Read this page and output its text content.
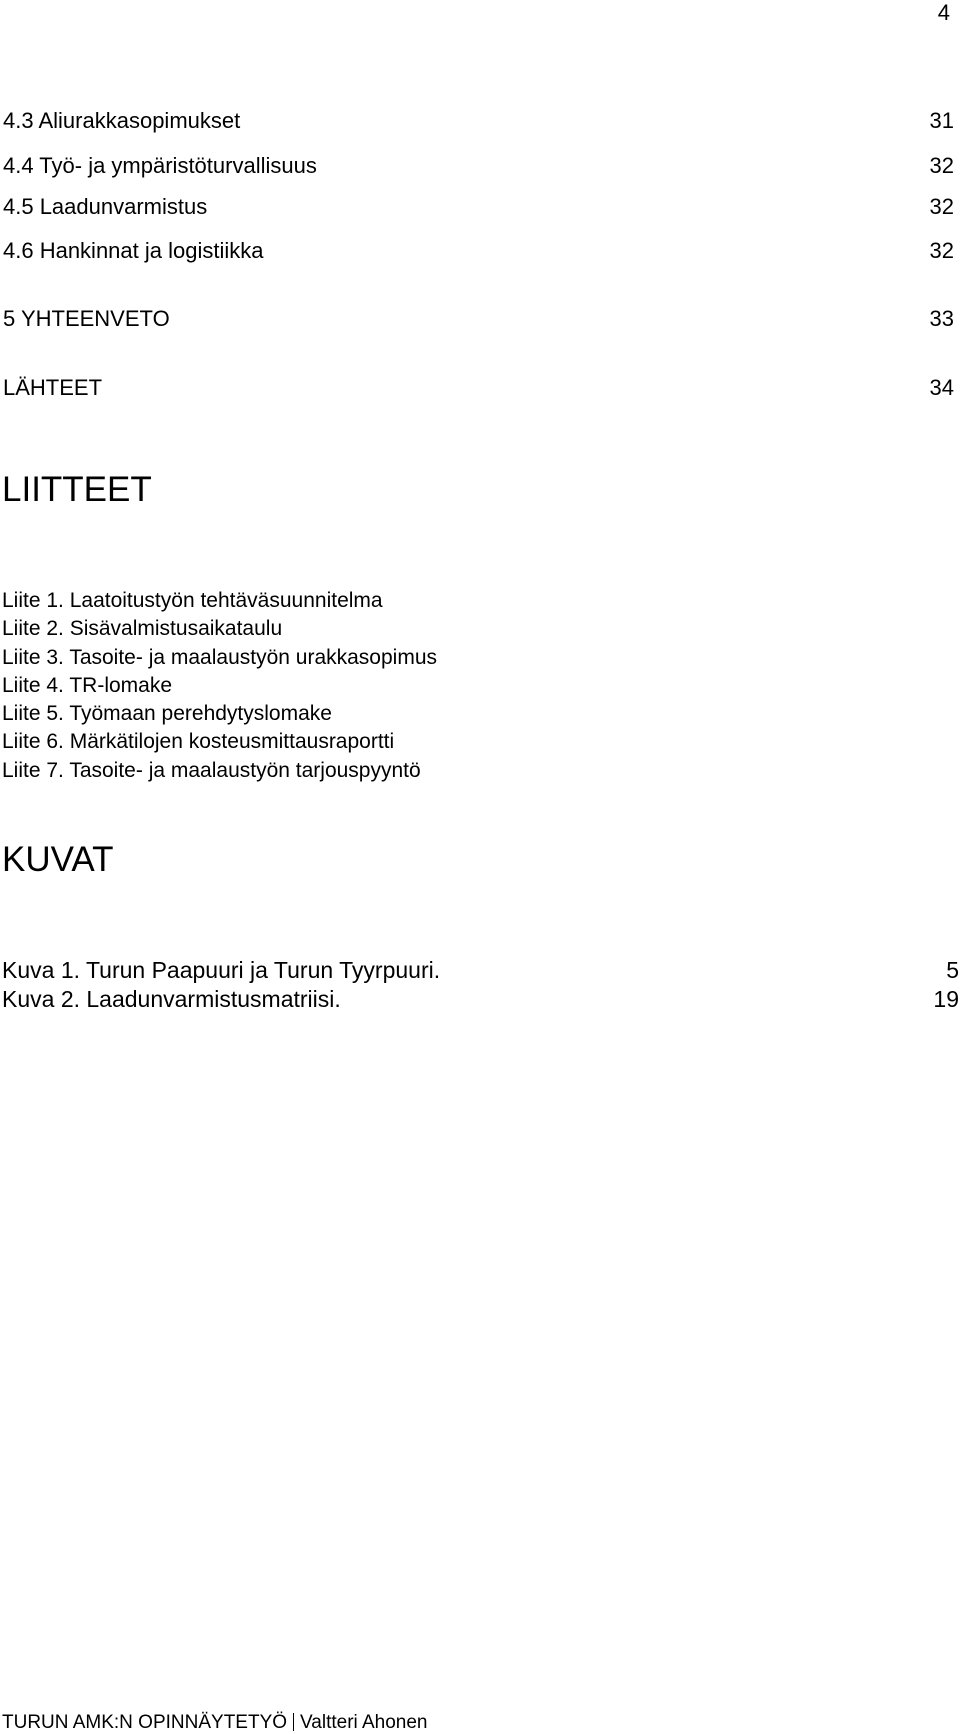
4
4.3 Aliurakkasopimukset	31
4.4 Työ- ja ympäristöturvallisuus	32
4.5 Laadunvarmistus	32
4.6 Hankinnat ja logistiikka	32
5 YHTEENVETO	33
LÄHTEET	34
LIITTEET
Liite 1. Laatoitustyön tehtäväsuunnitelma
Liite 2. Sisävalmistusaikataulu
Liite 3. Tasoite- ja maalaustyön urakkasopimus
Liite 4. TR-lomake
Liite 5. Työmaan perehdytyslomake
Liite 6. Märkätilojen kosteusmittausraportti
Liite 7. Tasoite- ja maalaustyön tarjouspyyntö
KUVAT
Kuva 1. Turun Paapuuri ja Turun Tyyrpuuri.	5
Kuva 2. Laadunvarmistusmatriisi.	19
TURUN AMK:N OPINNÄYTETYÖ Valtteri Ahonen
